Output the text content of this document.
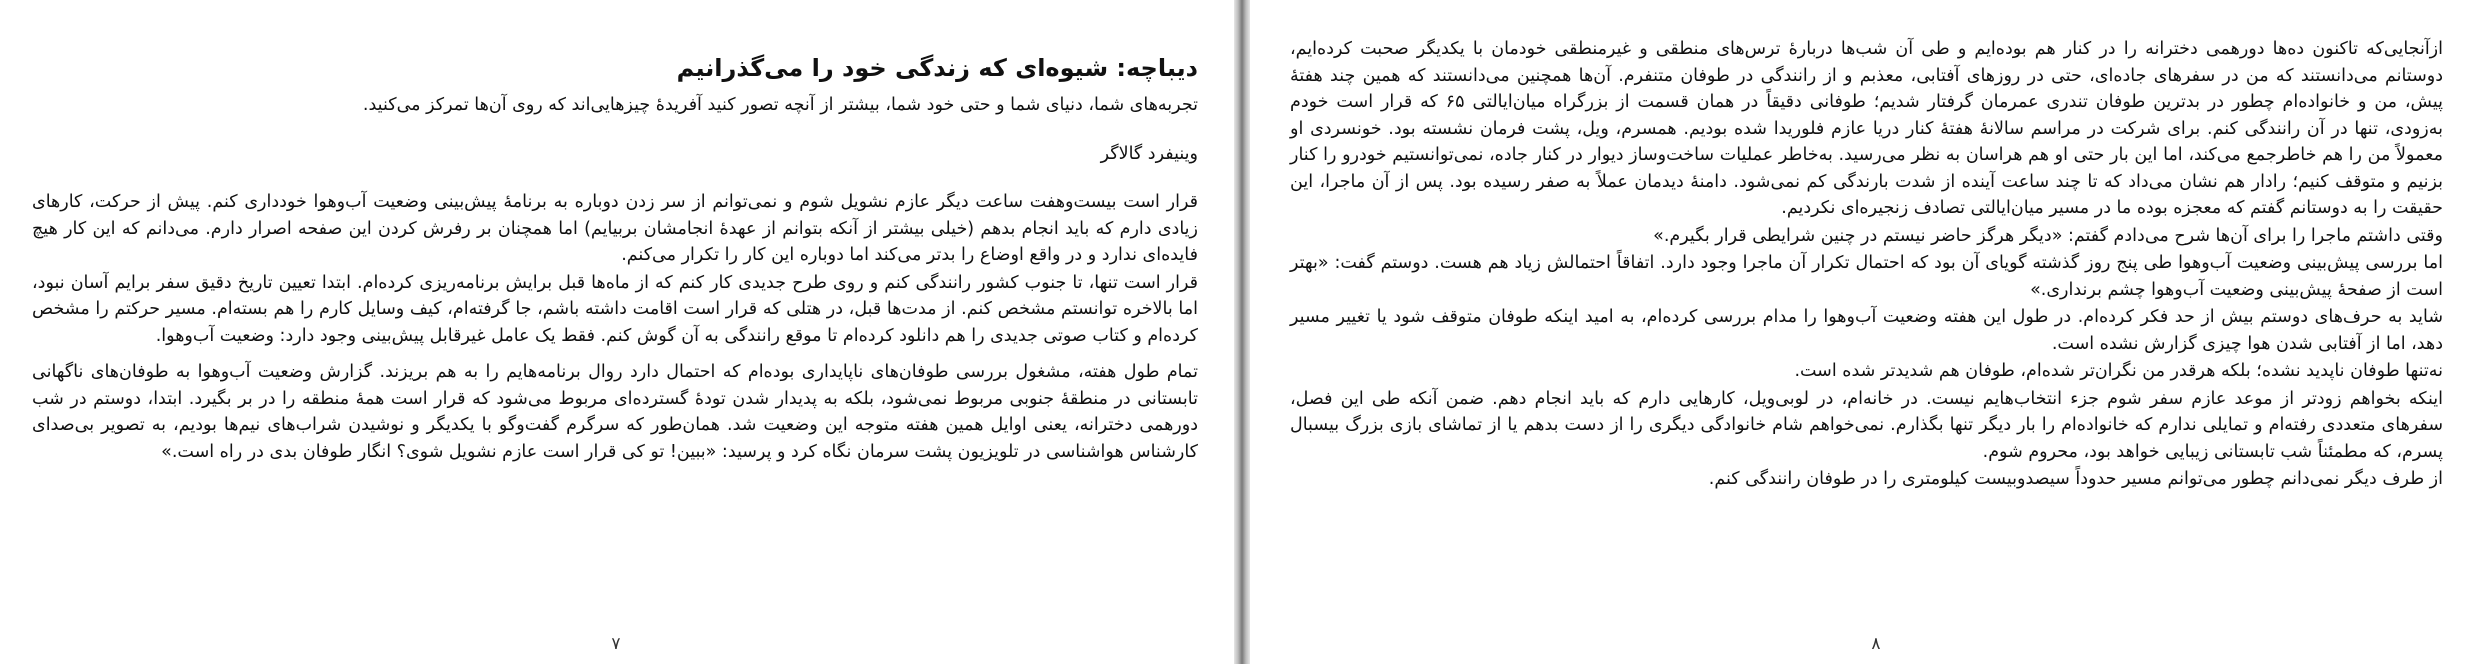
دیباچه: شیوه‌ای که زندگی خود را می‌گذرانیم
تجربه‌های شما، دنیای شما و حتی خود شما، بیشتر از آنچه تصور کنید آفریدۀ چیزهایی‌اند که روی آن‌ها تمرکز می‌کنید.
وینیفرد گالاگر

قرار است بیست‌وهفت ساعت دیگر عازم نشویل شوم و نمی‌توانم از سر زدن دوباره به برنامۀ پیش‌بینی وضعیت آب‌وهوا خودداری کنم. پیش از حرکت، کارهای زیادی دارم که باید انجام بدهم (خیلی بیشتر از آنکه بتوانم از عهدۀ انجامشان بربیایم) اما همچنان بر رفرش کردن این صفحه اصرار دارم. می‌دانم که این کار هیچ فایده‌ای ندارد و در واقع اوضاع را بدتر می‌کند اما دوباره این کار را تکرار می‌کنم.

قرار است تنها، تا جنوب کشور رانندگی کنم و روی طرح جدیدی کار کنم که از ماه‌ها قبل برایش برنامه‌ریزی کرده‌ام. ابتدا تعیین تاریخ دقیق سفر برایم آسان نبود، اما بالاخره توانستم مشخص کنم. از مدت‌ها قبل، در هتلی که قرار است اقامت داشته باشم، جا گرفته‌ام، کیف وسایل کارم را هم بسته‌ام. مسیر حرکتم را مشخص کرده‌ام و کتاب صوتی جدیدی را هم دانلود کرده‌ام تا موقع رانندگی به آن گوش کنم. فقط یک عامل غیرقابل پیش‌بینی وجود دارد: وضعیت آب‌وهوا.

تمام طول هفته، مشغول بررسی طوفان‌های ناپایداری بوده‌ام که احتمال دارد روال برنامه‌هایم را به هم بریزند. گزارش وضعیت آب‌وهوا به طوفان‌های ناگهانی تابستانی در منطقۀ جنوبی مربوط نمی‌شود، بلکه به پدیدار شدن تودۀ گسترده‌ای مربوط می‌شود که قرار است همۀ منطقه را در بر بگیرد. ابتدا، دوستم در شب دورهمی دخترانه، یعنی اوایل همین هفته متوجه این وضعیت شد. همان‌طور که سرگرم گفت‌وگو با یکدیگر و نوشیدن شراب‌های نیم‌ها بودیم، به تصویر بی‌صدای کارشناس هواشناسی در تلویزیون پشت سرمان نگاه کرد و پرسید: «ببین! تو کی قرار است عازم نشویل شوی؟ انگار طوفان بدی در راه است.»

۷

ازآنجایی‌که تاکنون ده‌ها دورهمی دخترانه را در کنار هم بوده‌ایم و طی آن شب‌ها دربارۀ ترس‌های منطقی و غیرمنطقی خودمان با یکدیگر صحبت کرده‌ایم، دوستانم می‌دانستند که من در سفرهای جاده‌ای، حتی در روزهای آفتابی، معذبم و از رانندگی در طوفان متنفرم. آن‌ها همچنین می‌دانستند که همین چند هفتۀ پیش، من و خانواده‌ام چطور در بدترین طوفان تندری عمرمان گرفتار شدیم؛ طوفانی دقیقاً در همان قسمت از بزرگراه میان‌ایالتی ۶۵ که قرار است خودم به‌زودی، تنها در آن رانندگی کنم. برای شرکت در مراسم سالانۀ هفتۀ کنار دریا عازم فلوریدا شده بودیم. همسرم، ویل، پشت فرمان نشسته بود. خونسردی او معمولاً من را هم خاطرجمع می‌کند، اما این بار حتی او هم هراسان به نظر می‌رسید. به‌خاطر عملیات ساخت‌وساز دیوار در کنار جاده، نمی‌توانستیم خودرو را کنار بزنیم و متوقف کنیم؛ رادار هم نشان می‌داد که تا چند ساعت آینده از شدت بارندگی کم نمی‌شود. دامنۀ دیدمان عملاً به صفر رسیده بود. پس از آن ماجرا، این حقیقت را به دوستانم گفتم که معجزه بوده ما در مسیر میان‌ایالتی تصادف زنجیره‌ای نکردیم.

وقتی داشتم ماجرا را برای آن‌ها شرح می‌دادم گفتم: «دیگر هرگز حاضر نیستم در چنین شرایطی قرار بگیرم.»

اما بررسی پیش‌بینی وضعیت آب‌وهوا طی پنج روز گذشته گویای آن بود که احتمال تکرار آن ماجرا وجود دارد. اتفاقاً احتمالش زیاد هم هست. دوستم گفت: «بهتر است از صفحۀ پیش‌بینی وضعیت آب‌وهوا چشم برنداری.»

شاید به حرف‌های دوستم بیش از حد فکر کرده‌ام. در طول این هفته وضعیت آب‌وهوا را مدام بررسی کرده‌ام، به امید اینکه طوفان متوقف شود یا تغییر مسیر دهد، اما از آفتابی شدن هوا چیزی گزارش نشده است.

نه‌تنها طوفان ناپدید نشده؛ بلکه هرقدر من نگران‌تر شده‌ام، طوفان هم شدیدتر شده است.

اینکه بخواهم زودتر از موعد عازم سفر شوم جزء انتخاب‌هایم نیست. در خانه‌ام، در لوبی‌ویل، کارهایی دارم که باید انجام دهم. ضمن آنکه طی این فصل، سفرهای متعددی رفته‌ام و تمایلی ندارم که خانواده‌ام را بار دیگر تنها بگذارم. نمی‌خواهم شام خانوادگی دیگری را از دست بدهم یا از تماشای بازی بزرگ بیسبال پسرم، که مطمئناً شب تابستانی زیبایی خواهد بود، محروم شوم.

از طرف دیگر نمی‌دانم چطور می‌توانم مسیر حدوداً سیصدوبیست کیلومتری را در طوفان رانندگی کنم.

۸
